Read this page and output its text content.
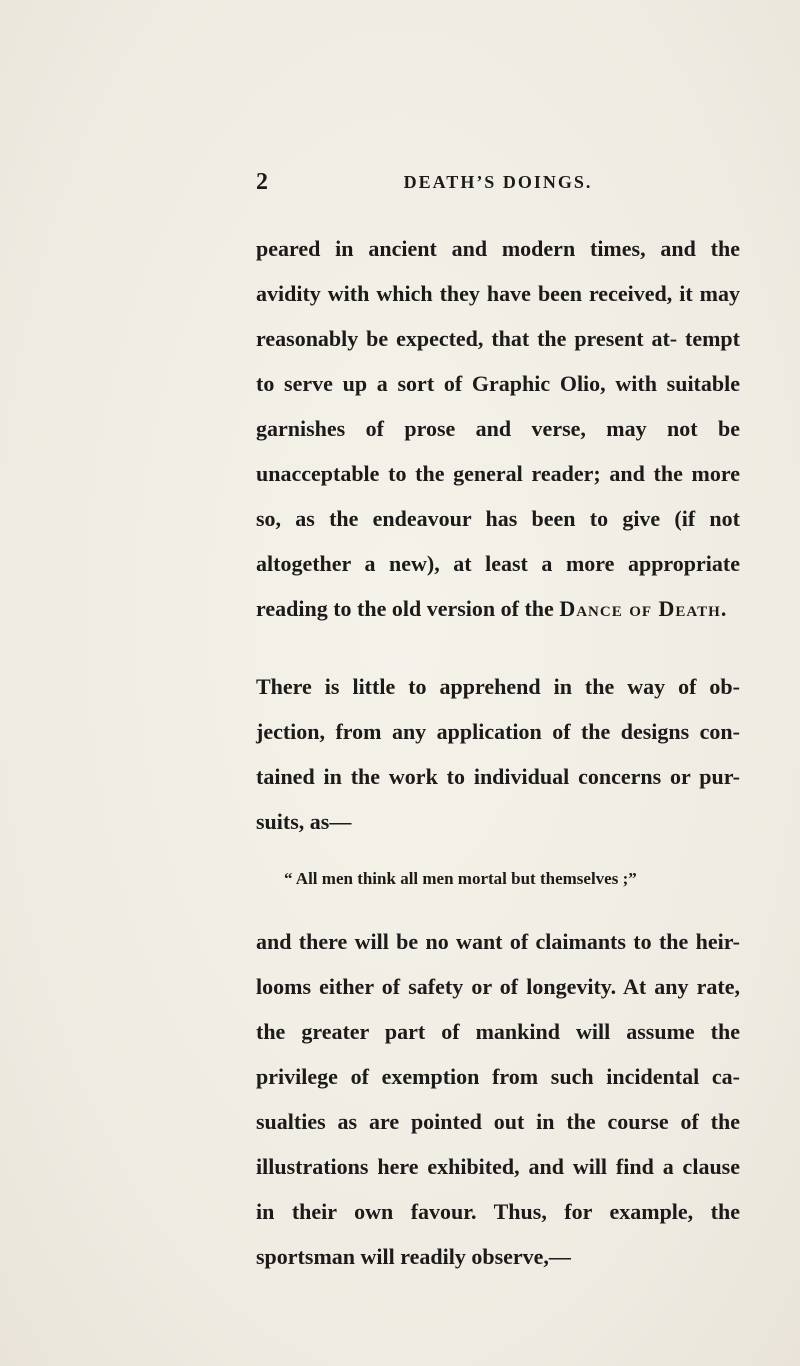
2	DEATH’S DOINGS.

peared in ancient and modern times, and the avidity with which they have been received, it may reasonably be expected, that the present at- tempt to serve up a sort of Graphic Olio, with suitable garnishes of prose and verse, may not be unacceptable to the general reader; and the more so, as the endeavour has been to give (if not altogether a new), at least a more appropriate reading to the old version of the Dance of Death.

There is little to apprehend in the way of ob- jection, from any application of the designs con- tained in the work to individual concerns or pur- suits, as—

“ All men think all men mortal but themselves ;”

and there will be no want of claimants to the heir-looms either of safety or of longevity. At any rate, the greater part of mankind will assume the privilege of exemption from such incidental ca- sualties as are pointed out in the course of the illustrations here exhibited, and will find a clause in their own favour. Thus, for example, the sportsman will readily observe,—
